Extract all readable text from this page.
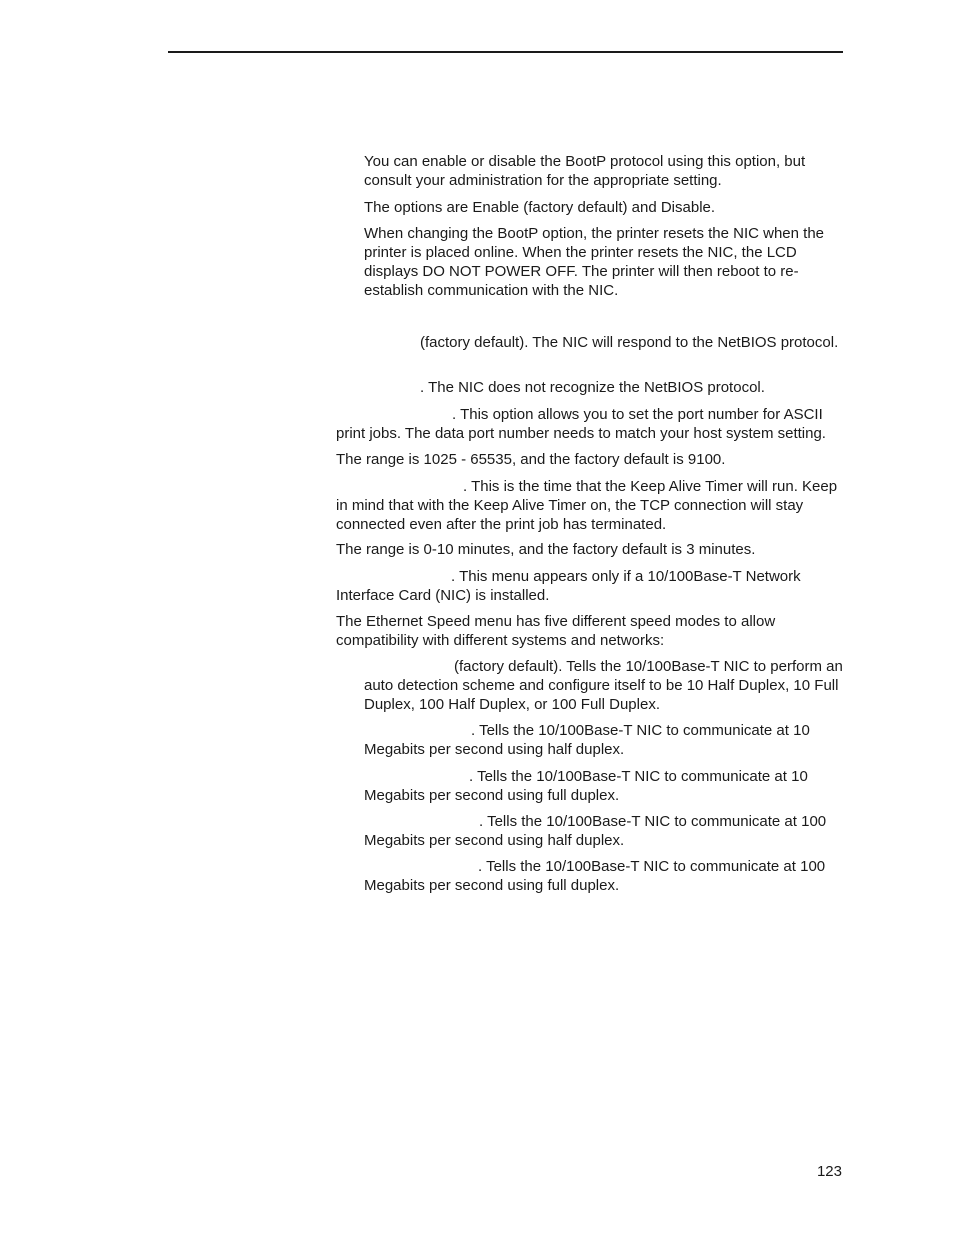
You can enable or disable the BootP protocol using this option, but consult your administration for the appropriate setting.

The options are Enable (factory default) and Disable.

When changing the BootP option, the printer resets the NIC when the printer is placed online. When the printer resets the NIC, the LCD displays DO NOT POWER OFF. The printer will then reboot to re-establish communication with the NIC.

(factory default). The NIC will respond to the NetBIOS protocol.

. The NIC does not recognize the NetBIOS protocol.

. This option allows you to set the port number for ASCII print jobs. The data port number needs to match your host system setting.

The range is 1025 - 65535, and the factory default is 9100.

. This is the time that the Keep Alive Timer will run. Keep in mind that with the Keep Alive Timer on, the TCP connection will stay connected even after the print job has terminated.

The range is 0-10 minutes, and the factory default is 3 minutes.

. This menu appears only if a 10/100Base-T Network Interface Card (NIC) is installed.

The Ethernet Speed menu has five different speed modes to allow compatibility with different systems and networks:

(factory default). Tells the 10/100Base-T NIC to perform an auto detection scheme and configure itself to be 10 Half Duplex, 10 Full Duplex, 100 Half Duplex, or 100 Full Duplex.

. Tells the 10/100Base-T NIC to communicate at 10 Megabits per second using half duplex.

. Tells the 10/100Base-T NIC to communicate at 10 Megabits per second using full duplex.

. Tells the 10/100Base-T NIC to communicate at 100 Megabits per second using half duplex.

. Tells the 10/100Base-T NIC to communicate at 100 Megabits per second using full duplex.

123
